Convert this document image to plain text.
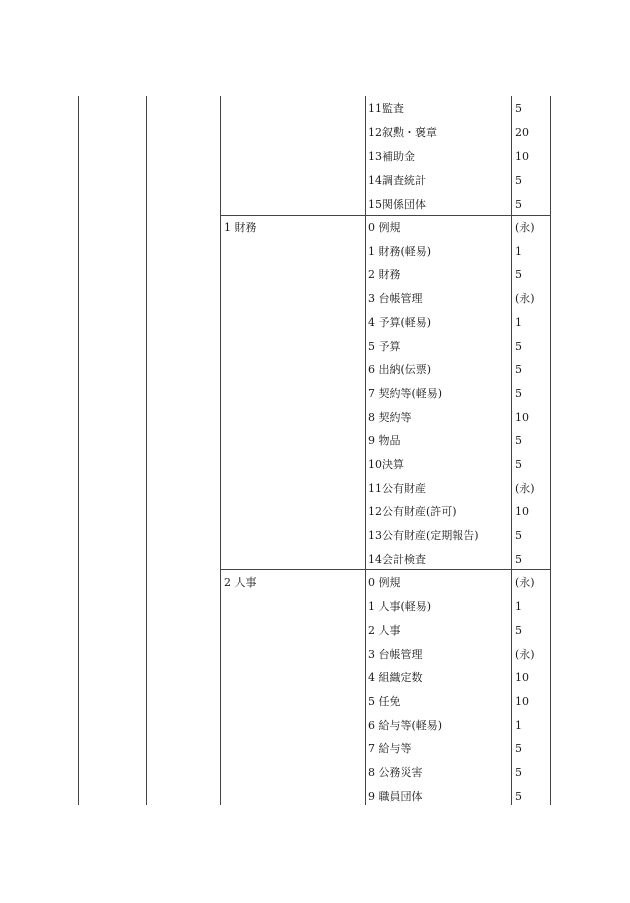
11監査	5
12叙勲・褒章	20
13補助金	10
14調査統計	5
15関係団体	5
1 財務	0 例規	(永)
1 財務(軽易)	1
2 財務	5
3 台帳管理	(永)
4 予算(軽易)	1
5 予算	5
6 出納(伝票)	5
7 契約等(軽易)	5
8 契約等	10
9 物品	5
10決算	5
11公有財産	(永)
12公有財産(許可)	10
13公有財産(定期報告)	5
14会計検査	5
2 人事	0 例規	(永)
1 人事(軽易)	1
2 人事	5
3 台帳管理	(永)
4 組織定数	10
5 任免	10
6 給与等(軽易)	1
7 給与等	5
8 公務災害	5
9 職員団体	5
